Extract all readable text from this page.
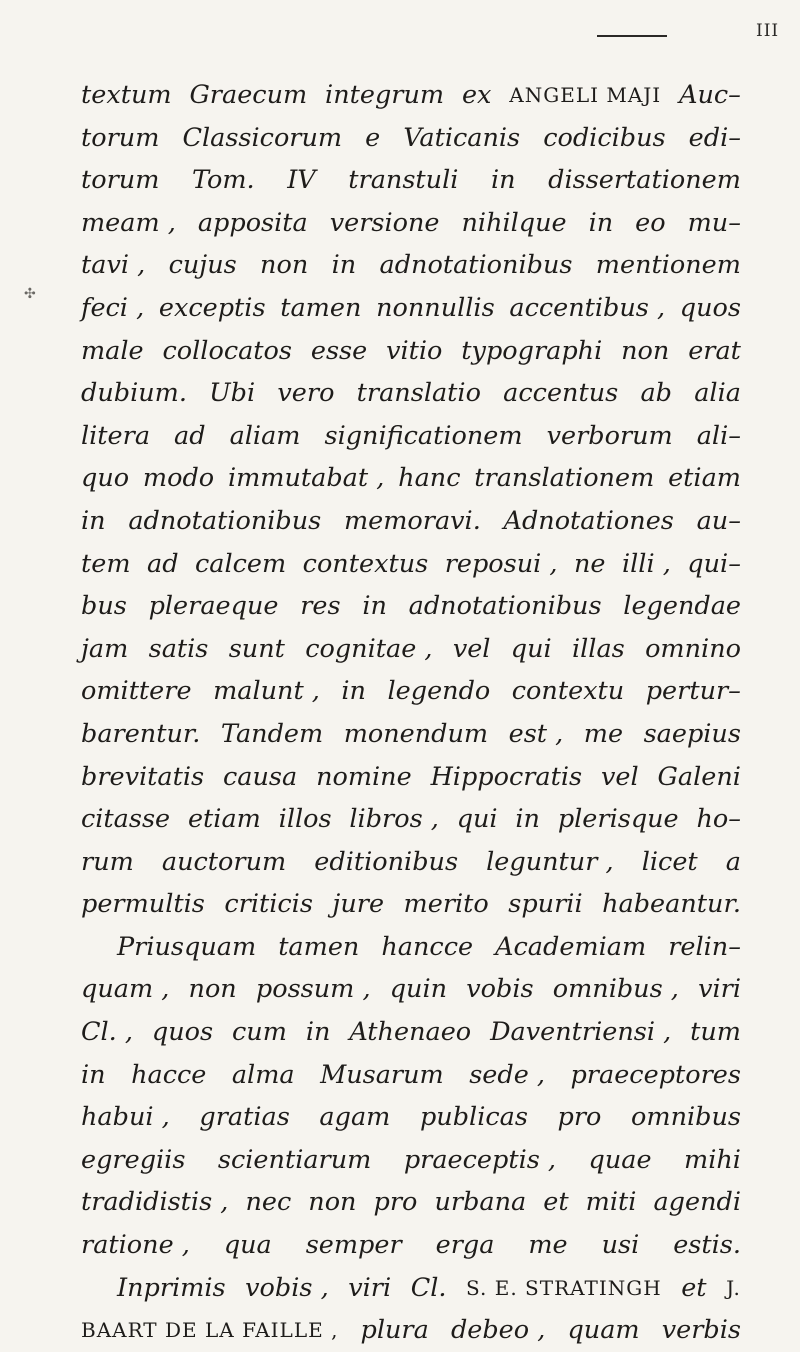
III
✣
textum Graecum integrum ex ANGELI MAJI Auc–
torum Classicorum e Vaticanis codicibus edi–
torum Tom. IV transtuli in dissertationem
meam , apposita versione nihilque in eo mu–
tavi , cujus non in adnotationibus mentionem
feci , exceptis tamen nonnullis accentibus , quos
male collocatos esse vitio typographi non erat
dubium. Ubi vero translatio accentus ab alia
litera ad aliam significationem verborum ali–
quo modo immutabat , hanc translationem etiam
in adnotationibus memoravi. Adnotationes au–
tem ad calcem contextus reposui , ne illi , qui–
bus pleraeque res in adnotationibus legendae
jam satis sunt cognitae , vel qui illas omnino
omittere malunt , in legendo contextu pertur–
barentur. Tandem monendum est , me saepius
brevitatis causa nomine Hippocratis vel Galeni
citasse etiam illos libros , qui in plerisque ho–
rum auctorum editionibus leguntur , licet a
permultis criticis jure merito spurii habeantur.
Priusquam tamen hancce Academiam relin–
quam , non possum , quin vobis omnibus , viri
Cl. , quos cum in Athenaeo Daventriensi , tum
in hacce alma Musarum sede , praeceptores
habui , gratias agam publicas pro omnibus
egregiis scientiarum praeceptis , quae mihi
tradidistis , nec non pro urbana et miti agendi
ratione , qua semper erga me usi estis.
Inprimis vobis , viri Cl. S. E. STRATINGH et J.
BAART DE LA FAILLE , plura debeo , quam verbis
